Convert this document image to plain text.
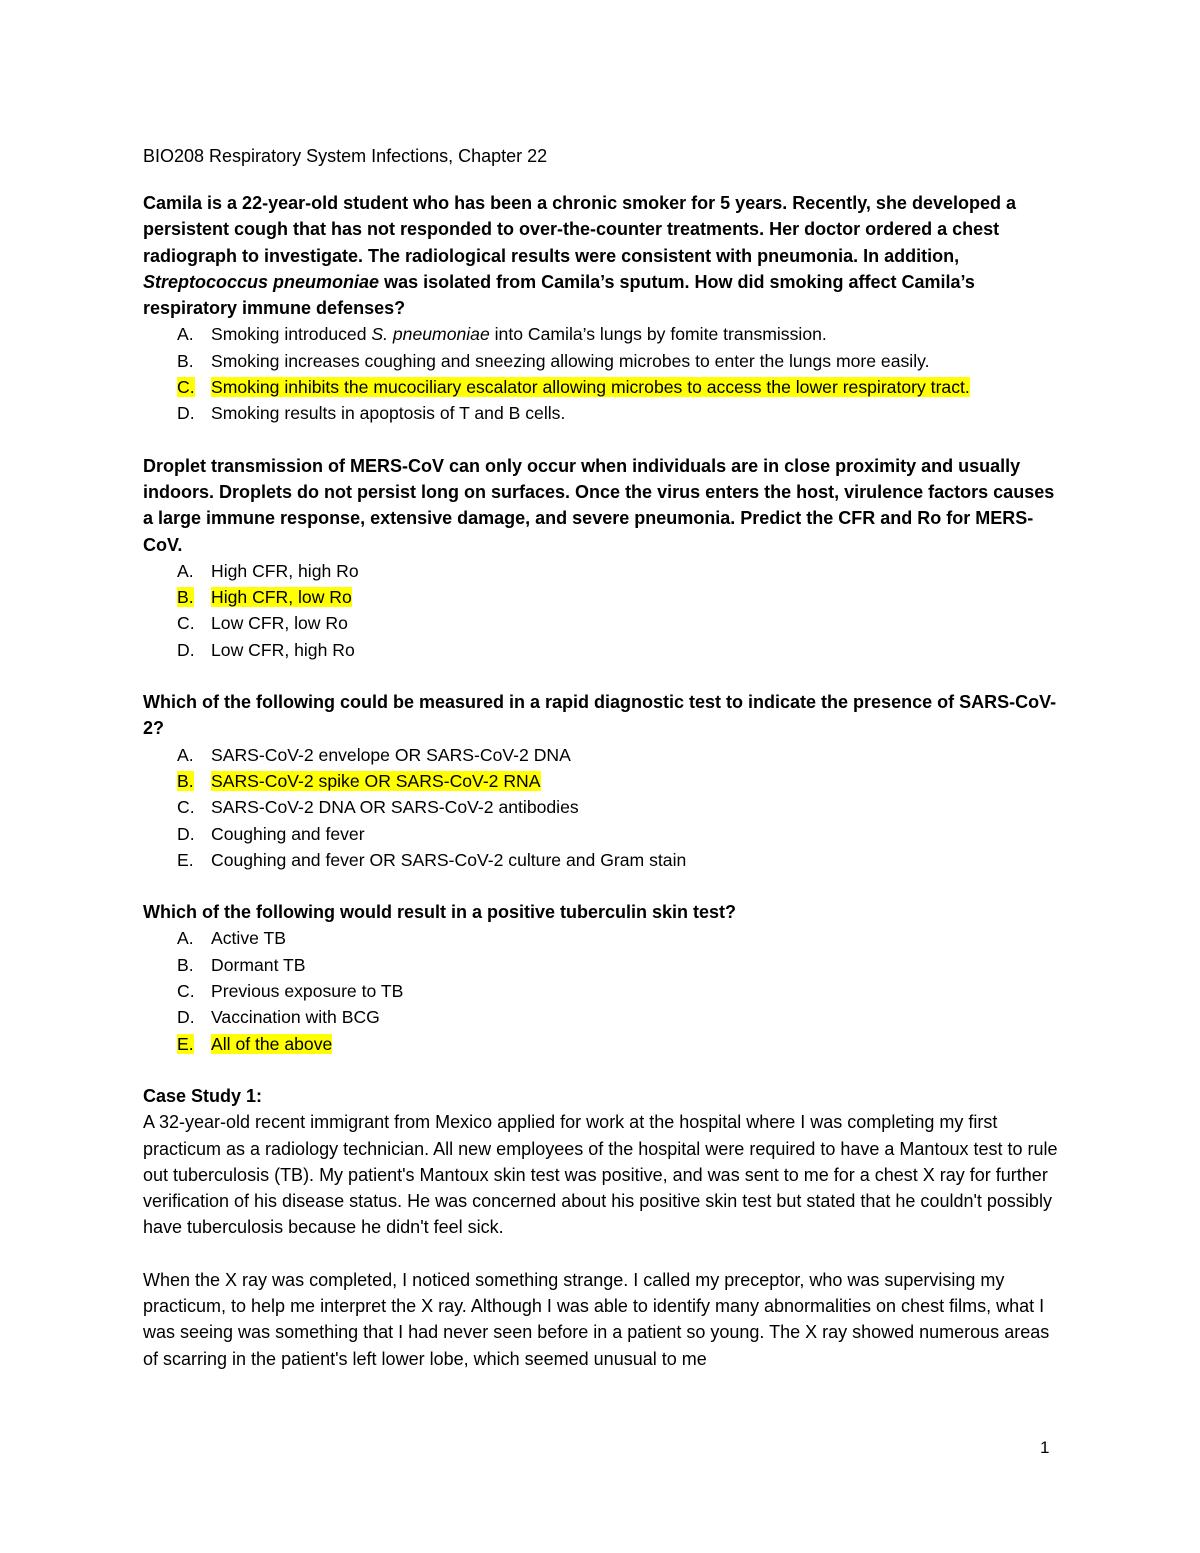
BIO208 Respiratory System Infections, Chapter 22

Camila is a 22-year-old student who has been a chronic smoker for 5 years. Recently, she developed a persistent cough that has not responded to over-the-counter treatments. Her doctor ordered a chest radiograph to investigate. The radiological results were consistent with pneumonia. In addition, Streptococcus pneumoniae was isolated from Camila’s sputum. How did smoking affect Camila’s respiratory immune defenses?

A. Smoking introduced S. pneumoniae into Camila’s lungs by fomite transmission.
B. Smoking increases coughing and sneezing allowing microbes to enter the lungs more easily.
C. Smoking inhibits the mucociliary escalator allowing microbes to access the lower respiratory tract.
D. Smoking results in apoptosis of T and B cells.

Droplet transmission of MERS-CoV can only occur when individuals are in close proximity and usually indoors. Droplets do not persist long on surfaces. Once the virus enters the host, virulence factors causes a large immune response, extensive damage, and severe pneumonia. Predict the CFR and Ro for MERS-CoV.

A. High CFR, high Ro
B. High CFR, low Ro
C. Low CFR, low Ro
D. Low CFR, high Ro

Which of the following could be measured in a rapid diagnostic test to indicate the presence of SARS-CoV-2?

A. SARS-CoV-2 envelope OR SARS-CoV-2 DNA
B. SARS-CoV-2 spike OR SARS-CoV-2 RNA
C. SARS-CoV-2 DNA OR SARS-CoV-2 antibodies
D. Coughing and fever
E. Coughing and fever OR SARS-CoV-2 culture and Gram stain

Which of the following would result in a positive tuberculin skin test?

A. Active TB
B. Dormant TB
C. Previous exposure to TB
D. Vaccination with BCG
E. All of the above

Case Study 1:

A 32-year-old recent immigrant from Mexico applied for work at the hospital where I was completing my first practicum as a radiology technician. All new employees of the hospital were required to have a Mantoux test to rule out tuberculosis (TB). My patient's Mantoux skin test was positive, and was sent to me for a chest X ray for further verification of his disease status. He was concerned about his positive skin test but stated that he couldn't possibly have tuberculosis because he didn't feel sick.

When the X ray was completed, I noticed something strange. I called my preceptor, who was supervising my practicum, to help me interpret the X ray. Although I was able to identify many abnormalities on chest films, what I was seeing was something that I had never seen before in a patient so young. The X ray showed numerous areas of scarring in the patient's left lower lobe, which seemed unusual to me

1
